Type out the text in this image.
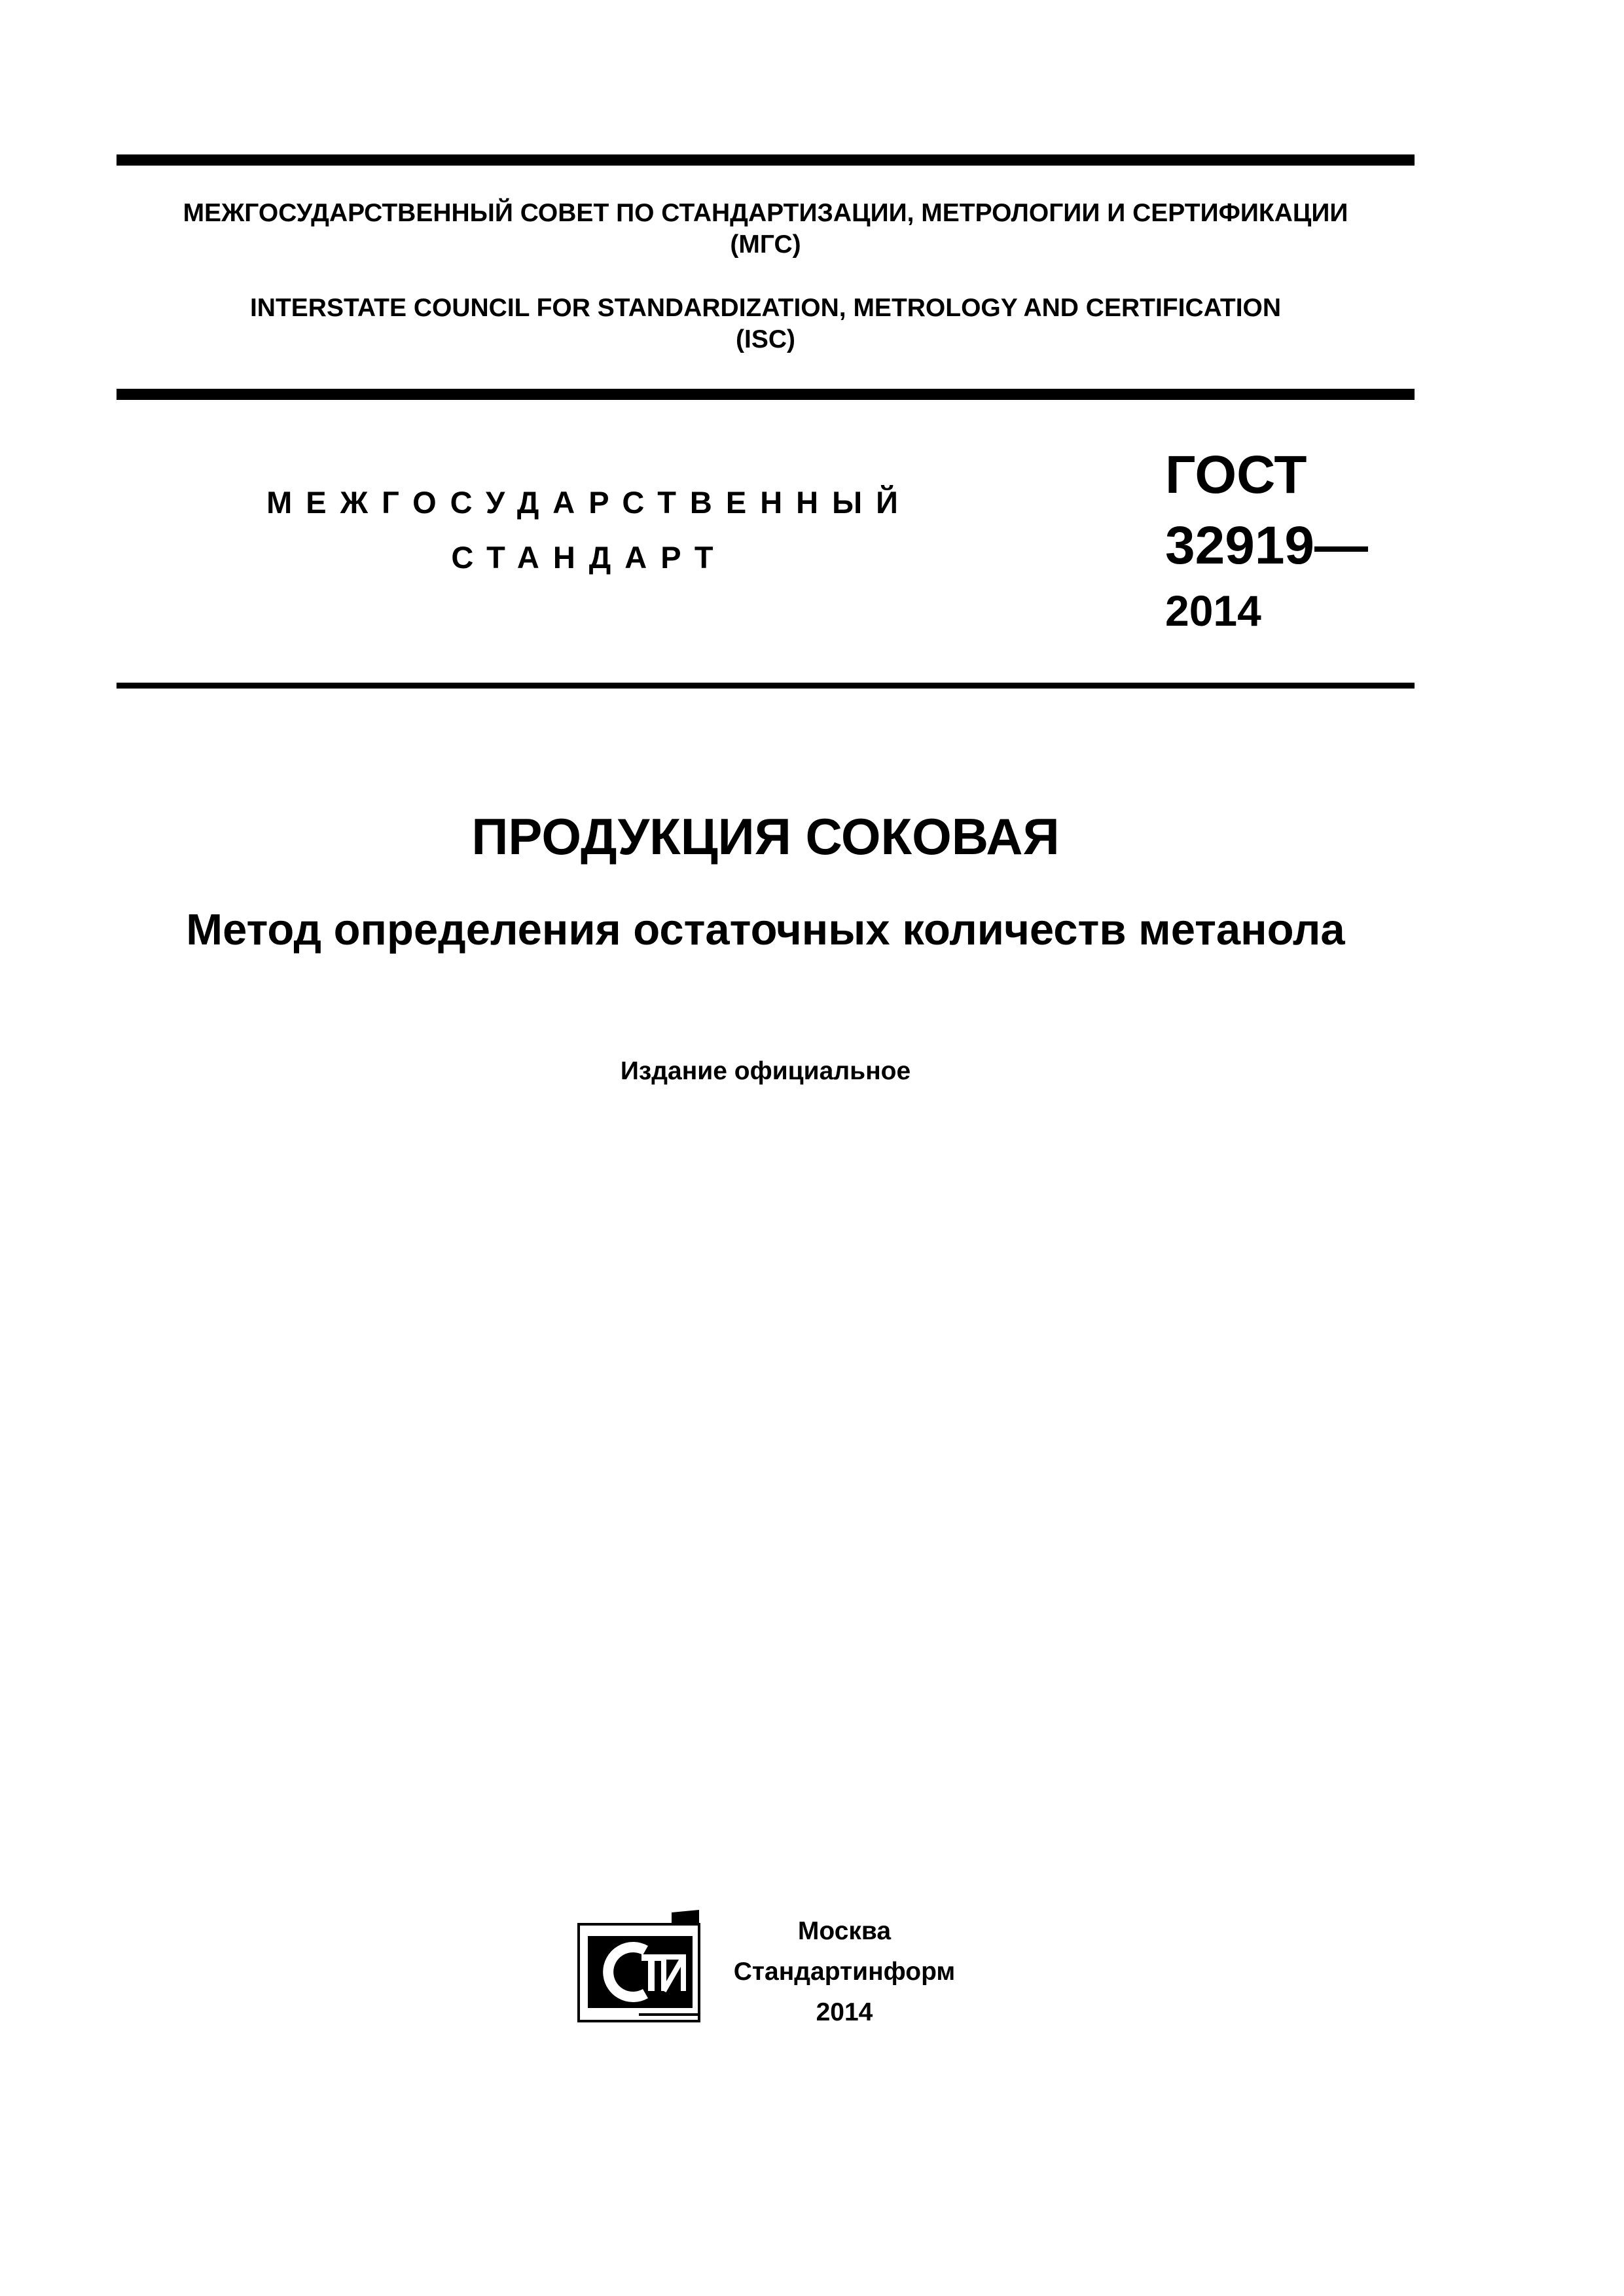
МЕЖГОСУДАРСТВЕННЫЙ СОВЕТ ПО СТАНДАРТИЗАЦИИ, МЕТРОЛОГИИ И СЕРТИФИКАЦИИ
(МГС)
INTERSTATE COUNCIL FOR STANDARDIZATION, METROLOGY AND CERTIFICATION
(ISC)
МЕЖГОСУДАРСТВЕННЫЙ
СТАНДАРТ
ГОСТ
32919—
2014
ПРОДУКЦИЯ СОКОВАЯ
Метод определения остаточных количеств метанола
Издание официальное
Москва
Стандартинформ
2014
